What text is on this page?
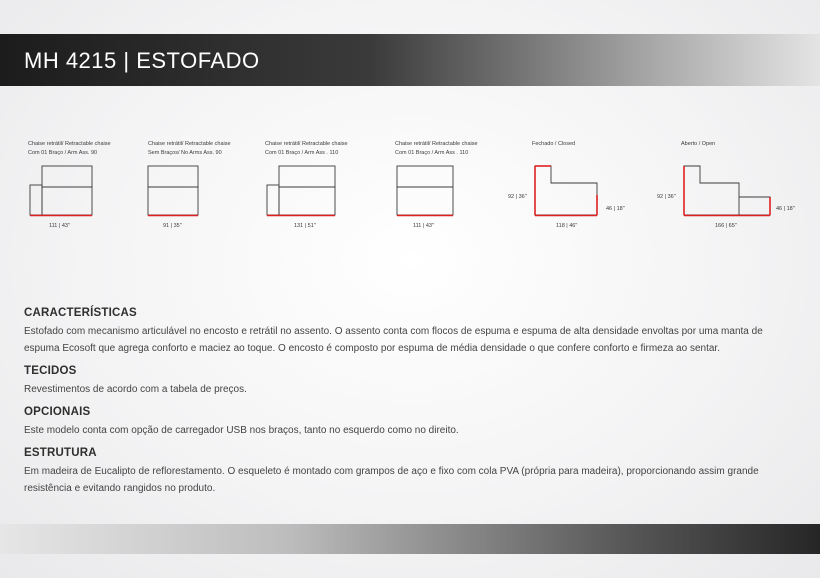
MH 4215 | ESTOFADO
Chaise retrátil/ Retractable chaise
Com 01 Braço / Arm Ass. 90
111 | 43"
Chaise retrátil/ Retractable chaise
Sem Braços/ No Arms Ass. 90
91 | 35"
Chaise retrátil/ Retractable chaise
Com 01 Braço / Arm Ass . 110
131 | 51"
Chaise retrátil/ Retractable chaise
Com 01 Braço / Arm Ass . 110
111 | 43"
Fechado / Closed
92 | 36"
46 | 18"
118 | 46"
Aberto / Open
92 | 36"
46 | 18"
166 | 65"
CARACTERÍSTICAS

Estofado com mecanismo articulável no encosto e retrátil no assento. O assento conta com flocos de espuma e espuma de alta densidade envoltas por uma manta de espuma Ecosoft que agrega conforto e maciez ao toque. O encosto é composto por espuma de média densidade o que confere conforto e firmeza ao sentar.

TECIDOS

Revestimentos de acordo com a tabela de preços.

OPCIONAIS

Este modelo conta com opção de carregador USB nos braços, tanto no esquerdo como no direito.

ESTRUTURA

Em madeira de Eucalipto de reflorestamento. O esqueleto é montado com grampos de aço e fixo com cola PVA (própria para madeira), proporcionando assim grande resistência e evitando rangidos no produto.
